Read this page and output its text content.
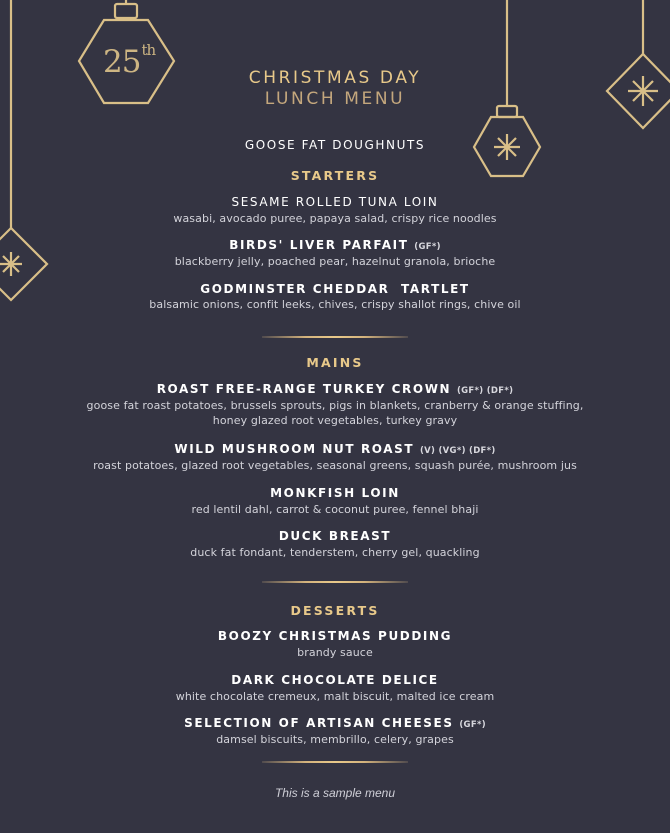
25th
CHRISTMAS DAY
LUNCH MENU
GOOSE FAT DOUGHNUTS
STARTERS
SESAME ROLLED TUNA LOIN
wasabi, avocado puree, papaya salad, crispy rice noodles
BIRDS' LIVER PARFAIT (GF*)
blackberry jelly, poached pear, hazelnut granola, brioche
GODMINSTER CHEDDAR  TARTLET
balsamic onions, confit leeks, chives, crispy shallot rings, chive oil
MAINS
ROAST FREE-RANGE TURKEY CROWN (GF*) (DF*)
goose fat roast potatoes, brussels sprouts, pigs in blankets, cranberry & orange stuffing,
honey glazed root vegetables, turkey gravy
WILD MUSHROOM NUT ROAST (V) (VG*) (DF*)
roast potatoes, glazed root vegetables, seasonal greens, squash purée, mushroom jus
MONKFISH LOIN
red lentil dahl, carrot & coconut puree, fennel bhaji
DUCK BREAST
duck fat fondant, tenderstem, cherry gel, quackling
DESSERTS
BOOZY CHRISTMAS PUDDING
brandy sauce
DARK CHOCOLATE DELICE
white chocolate cremeux, malt biscuit, malted ice cream
SELECTION OF ARTISAN CHEESES (GF*)
damsel biscuits, membrillo, celery, grapes
This is a sample menu
